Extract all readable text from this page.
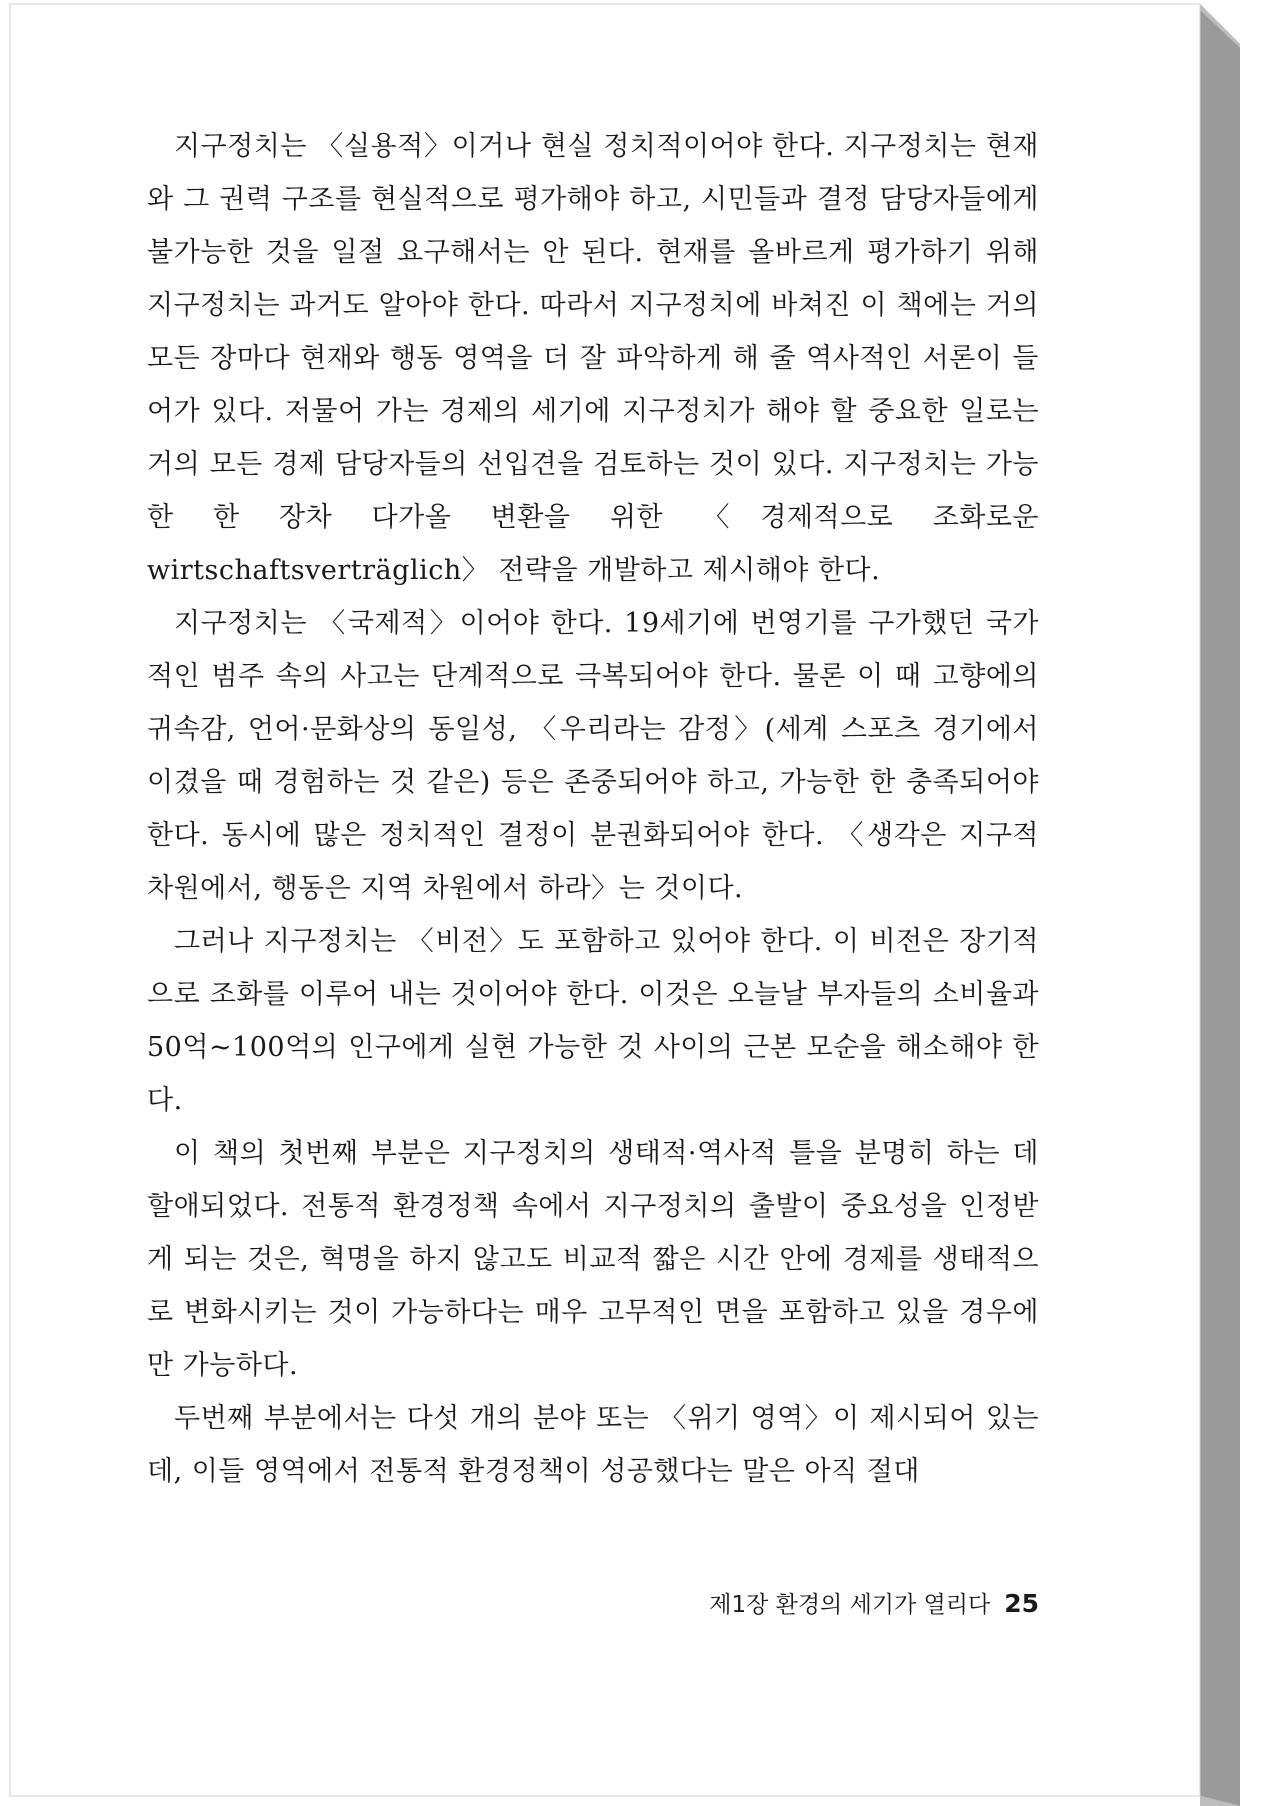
지구정치는 〈실용적〉이거나 현실 정치적이어야 한다. 지구정치는 현재와 그 권력 구조를 현실적으로 평가해야 하고, 시민들과 결정 담당자들에게 불가능한 것을 일절 요구해서는 안 된다. 현재를 올바르게 평가하기 위해 지구정치는 과거도 알아야 한다. 따라서 지구정치에 바쳐진 이 책에는 거의 모든 장마다 현재와 행동 영역을 더 잘 파악하게 해 줄 역사적인 서론이 들어가 있다. 저물어 가는 경제의 세기에 지구정치가 해야 할 중요한 일로는 거의 모든 경제 담당자들의 선입견을 검토하는 것이 있다. 지구정치는 가능한 한 장차 다가올 변환을 위한 〈경제적으로 조화로운 wirtschaftsverträglich〉 전략을 개발하고 제시해야 한다.

지구정치는 〈국제적〉이어야 한다. 19세기에 번영기를 구가했던 국가적인 범주 속의 사고는 단계적으로 극복되어야 한다. 물론 이 때 고향에의 귀속감, 언어·문화상의 동일성, 〈우리라는 감정〉(세계 스포츠 경기에서 이겼을 때 경험하는 것 같은) 등은 존중되어야 하고, 가능한 한 충족되어야 한다. 동시에 많은 정치적인 결정이 분권화되어야 한다. 〈생각은 지구적 차원에서, 행동은 지역 차원에서 하라〉는 것이다.

그러나 지구정치는 〈비전〉도 포함하고 있어야 한다. 이 비전은 장기적으로 조화를 이루어 내는 것이어야 한다. 이것은 오늘날 부자들의 소비율과 50억~100억의 인구에게 실현 가능한 것 사이의 근본 모순을 해소해야 한다.

이 책의 첫번째 부분은 지구정치의 생태적·역사적 틀을 분명히 하는 데 할애되었다. 전통적 환경정책 속에서 지구정치의 출발이 중요성을 인정받게 되는 것은, 혁명을 하지 않고도 비교적 짧은 시간 안에 경제를 생태적으로 변화시키는 것이 가능하다는 매우 고무적인 면을 포함하고 있을 경우에만 가능하다.

두번째 부분에서는 다섯 개의 분야 또는 〈위기 영역〉이 제시되어 있는데, 이들 영역에서 전통적 환경정책이 성공했다는 말은 아직 절대

제1장 환경의 세기가 열리다 25
